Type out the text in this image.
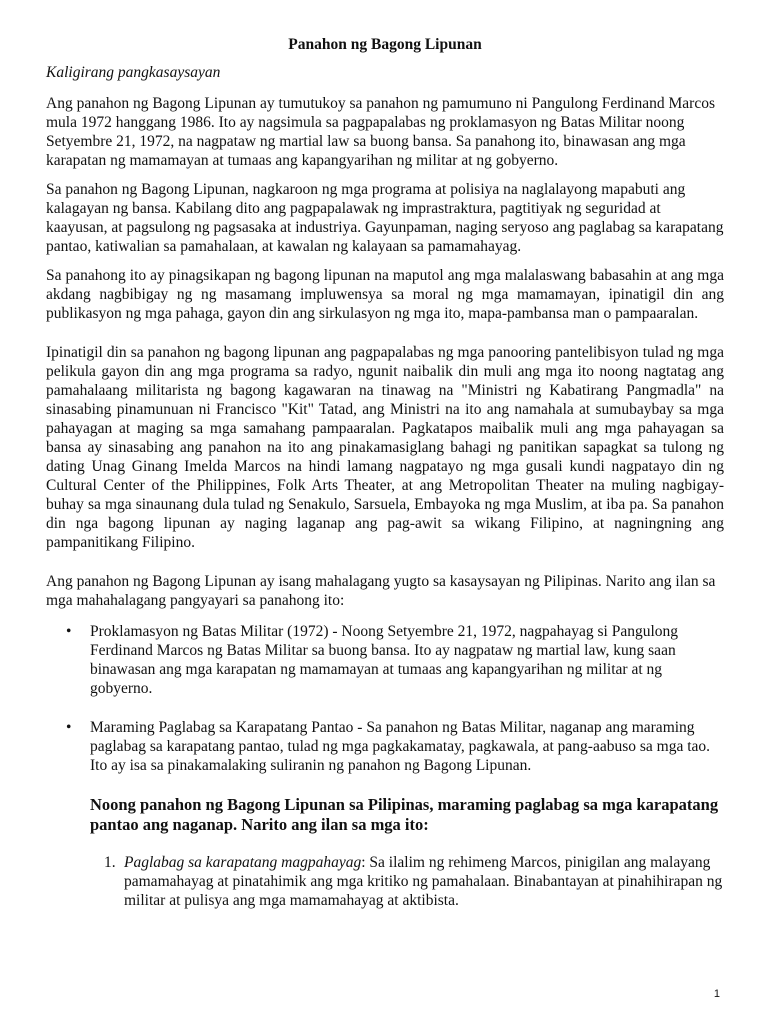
Panahon ng Bagong Lipunan
Kaligirang pangkasaysayan

Ang panahon ng Bagong Lipunan ay tumutukoy sa panahon ng pamumuno ni Pangulong Ferdinand Marcos mula 1972 hanggang 1986. Ito ay nagsimula sa pagpapalabas ng proklamasyon ng Batas Militar noong Setyembre 21, 1972, na nagpataw ng martial law sa buong bansa. Sa panahong ito, binawasan ang mga karapatan ng mamamayan at tumaas ang kapangyarihan ng militar at ng gobyerno.

Sa panahon ng Bagong Lipunan, nagkaroon ng mga programa at polisiya na naglalayong mapabuti ang kalagayan ng bansa. Kabilang dito ang pagpapalawak ng imprastraktura, pagtitiyak ng seguridad at kaayusan, at pagsulong ng pagsasaka at industriya. Gayunpaman, naging seryoso ang paglabag sa karapatang pantao, katiwalian sa pamahalaan, at kawalan ng kalayaan sa pamamahayag.

Sa panahong ito ay pinagsikapan ng bagong lipunan na maputol ang mga malalaswang babasahin at ang mga akdang nagbibigay ng ng masamang impluwensya sa moral ng mga mamamayan, ipinatigil din ang publikasyon ng mga pahaga, gayon din ang sirkulasyon ng mga ito, mapa-pambansa man o pampaaralan.

Ipinatigil din sa panahon ng bagong lipunan ang pagpapalabas ng mga panooring pantelibisyon tulad ng mga pelikula gayon din ang mga programa sa radyo, ngunit naibalik din muli ang mga ito noong nagtatag ang pamahalaang militarista ng bagong kagawaran na tinawag na "Ministri ng Kabatirang Pangmadla" na sinasabing pinamunuan ni Francisco "Kit" Tatad, ang Ministri na ito ang namahala at sumubaybay sa mga pahayagan at maging sa mga samahang pampaaralan. Pagkatapos maibalik muli ang mga pahayagan sa bansa ay sinasabing ang panahon na ito ang pinakamasiglang bahagi ng panitikan sapagkat sa tulong ng dating Unag Ginang Imelda Marcos na hindi lamang nagpatayo ng mga gusali kundi nagpatayo din ng Cultural Center of the Philippines, Folk Arts Theater, at ang Metropolitan Theater na muling nagbigay- buhay sa mga sinaunang dula tulad ng Senakulo, Sarsuela, Embayoka ng mga Muslim, at iba pa. Sa panahon din nga bagong lipunan ay naging laganap ang pag-awit sa wikang Filipino, at nagningning ang pampanitikang Filipino.

Ang panahon ng Bagong Lipunan ay isang mahalagang yugto sa kasaysayan ng Pilipinas. Narito ang ilan sa mga mahahalagang pangyayari sa panahong ito:

• Proklamasyon ng Batas Militar (1972) - Noong Setyembre 21, 1972, nagpahayag si Pangulong Ferdinand Marcos ng Batas Militar sa buong bansa. Ito ay nagpataw ng martial law, kung saan binawasan ang mga karapatan ng mamamayan at tumaas ang kapangyarihan ng militar at ng gobyerno.
• Maraming Paglabag sa Karapatang Pantao - Sa panahon ng Batas Militar, naganap ang maraming paglabag sa karapatang pantao, tulad ng mga pagkakamatay, pagkawala, at pang-aabuso sa mga tao. Ito ay isa sa pinakamalaking suliranin ng panahon ng Bagong Lipunan.
Noong panahon ng Bagong Lipunan sa Pilipinas, maraming paglabag sa mga karapatang pantao ang naganap. Narito ang ilan sa mga ito:
1. Paglabag sa karapatang magpahayag: Sa ilalim ng rehimeng Marcos, pinigilan ang malayang pamamahayag at pinatahimik ang mga kritiko ng pamahalaan. Binabantayan at pinahihirapan ng militar at pulisya ang mga mamamahayag at aktibista.
1
